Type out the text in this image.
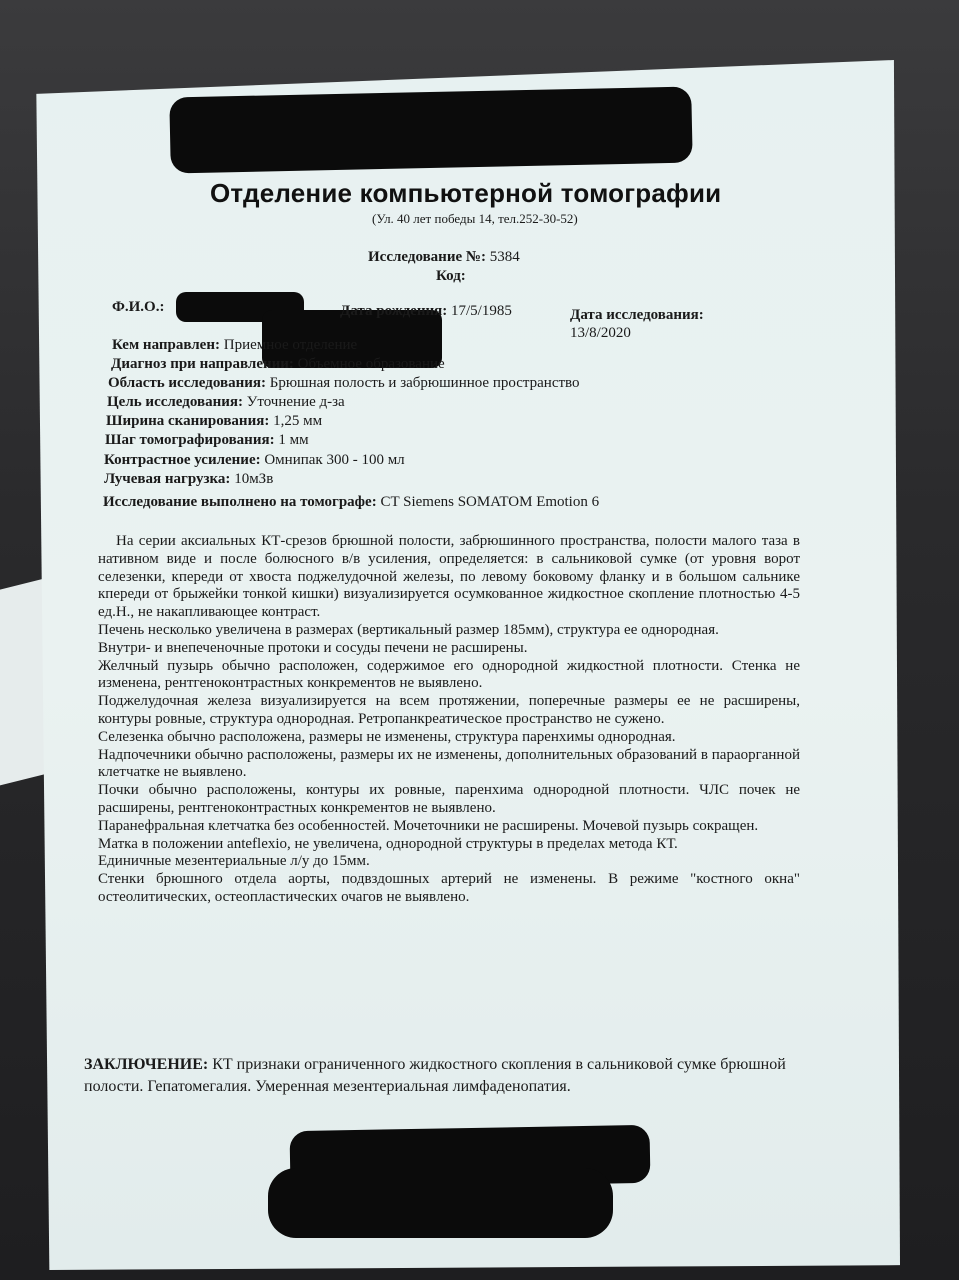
Отделение компьютерной томографии
(Ул. 40 лет победы 14, тел.252-30-52)
Исследование №: 5384
Код:
Ф.И.О.:	Дата рождения: 17/5/1985	Дата исследования:
13/8/2020
Кем направлен: Приемное отделение
Диагноз при направлении: Объемное образование
Область исследования: Брюшная полость и забрюшинное пространство
Цель исследования: Уточнение д-за
Ширина сканирования: 1,25 мм
Шаг томографирования: 1 мм
Контрастное усиление: Омнипак 300 - 100 мл
Лучевая нагрузка: 10мЗв
Исследование выполнено на томографе: CT Siemens SOMATOM Emotion 6

На серии аксиальных КТ-срезов брюшной полости, забрюшинного пространства, полости малого таза в нативном виде и после болюсного в/в усиления, определяется: в сальниковой сумке (от уровня ворот селезенки, кпереди от хвоста поджелудочной железы, по левому боковому фланку и в большом сальнике кпереди от брыжейки тонкой кишки) визуализируется осумкованное жидкостное скопление плотностью 4-5 ед.Н., не накапливающее контраст.

Печень несколько увеличена в размерах (вертикальный размер 185мм), структура ее однородная.

Внутри- и внепеченочные протоки и сосуды печени не расширены.

Желчный пузырь обычно расположен, содержимое его однородной жидкостной плотности. Стенка не изменена, рентгеноконтрастных конкрементов не выявлено.

Поджелудочная железа визуализируется на всем протяжении, поперечные размеры ее не расширены, контуры ровные, структура однородная. Ретропанкреатическое пространство не сужено.

Селезенка обычно расположена, размеры не изменены, структура паренхимы однородная.

Надпочечники обычно расположены, размеры их не изменены, дополнительных образований в параорганной клетчатке не выявлено.

Почки обычно расположены, контуры их ровные, паренхима однородной плотности. ЧЛС почек не расширены, рентгеноконтрастных конкрементов не выявлено.

Паранефральная клетчатка без особенностей. Мочеточники не расширены. Мочевой пузырь сокращен.

Матка в положении anteflexio, не увеличена, однородной структуры в пределах метода КТ.

Единичные мезентериальные л/у до 15мм.

Стенки брюшного отдела аорты, подвздошных артерий не изменены. В режиме "костного окна" остеолитических, остеопластических очагов не выявлено.

ЗАКЛЮЧЕНИЕ: КТ признаки ограниченного жидкостного скопления в сальниковой сумке брюшной полости. Гепатомегалия. Умеренная мезентериальная лимфаденопатия.
